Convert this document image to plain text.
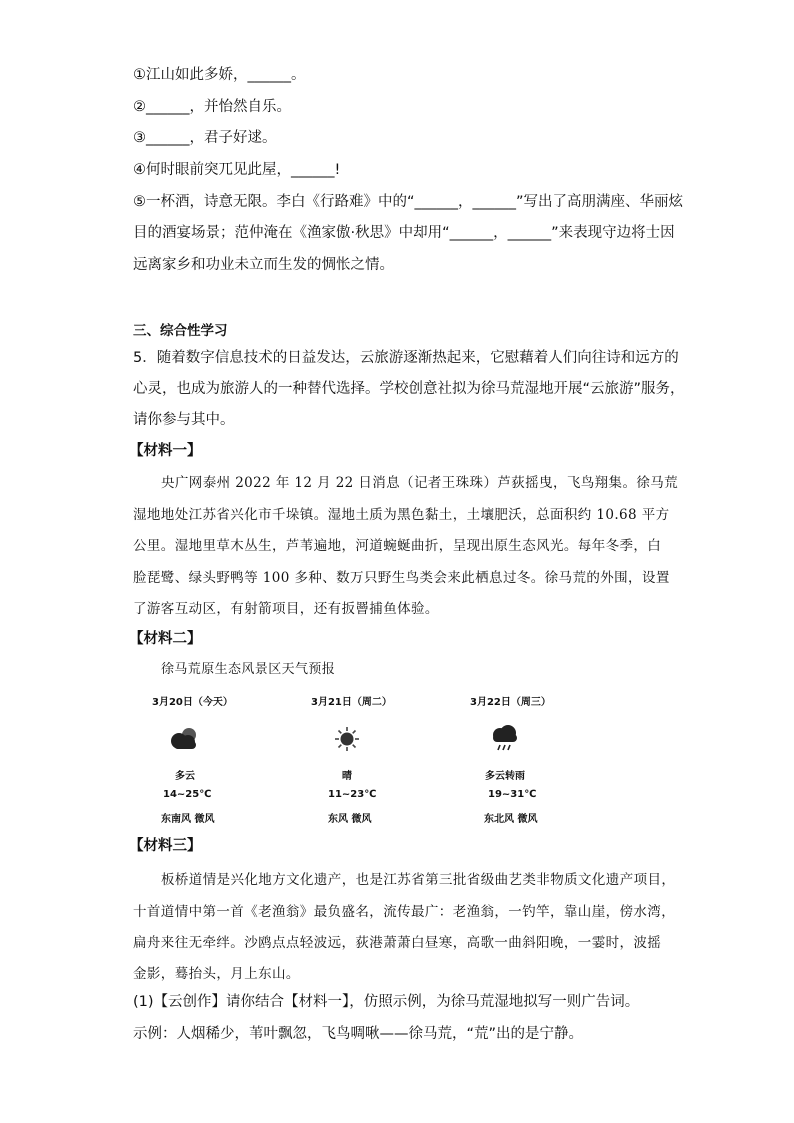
①江山如此多娇，______。
②______，并怡然自乐。
③______，君子好逑。
④何时眼前突兀见此屋，______!
⑤一杯酒，诗意无限。李白《行路难》中的“______，______”写出了高朋满座、华丽炫
目的酒宴场景；范仲淹在《渔家傲·秋思》中却用“______，______”来表现守边将士因
远离家乡和功业未立而生发的惆怅之情。
三、综合性学习
5．随着数字信息技术的日益发达，云旅游逐渐热起来，它慰藉着人们向往诗和远方的
心灵，也成为旅游人的一种替代选择。学校创意社拟为徐马荒湿地开展“云旅游”服务，
请你参与其中。
【材料一】
央广网泰州 2022 年 12 月 22 日消息（记者王珠珠）芦荻摇曳，飞鸟翔集。徐马荒
湿地地处江苏省兴化市千垛镇。湿地土质为黑色黏土，土壤肥沃，总面积约 10.68 平方
公里。湿地里草木丛生，芦苇遍地，河道蜿蜒曲折，呈现出原生态风光。每年冬季，白
脸琵鹭、绿头野鸭等 100 多种、数万只野生鸟类会来此栖息过冬。徐马荒的外围，设置
了游客互动区，有射箭项目，还有扳罾捕鱼体验。
【材料二】
徐马荒原生态风景区天气预报
3月20日（今天）
多云
14~25℃
东南风 微风
3月21日（周二）
晴
11~23℃
东风 微风
3月22日（周三）
多云转雨
19~31℃
东北风 微风
【材料三】
板桥道情是兴化地方文化遗产，也是江苏省第三批省级曲艺类非物质文化遗产项目，
十首道情中第一首《老渔翁》最负盛名，流传最广：老渔翁，一钓竿，靠山崖，傍水湾，
扁舟来往无牵绊。沙鸥点点轻波远，荻港萧萧白昼寒，高歌一曲斜阳晚，一霎时，波摇
金影，蓦抬头，月上东山。
(1)【云创作】请你结合【材料一】，仿照示例，为徐马荒湿地拟写一则广告词。
示例：人烟稀少，苇叶飘忽，飞鸟啁啾——徐马荒，“荒”出的是宁静。
